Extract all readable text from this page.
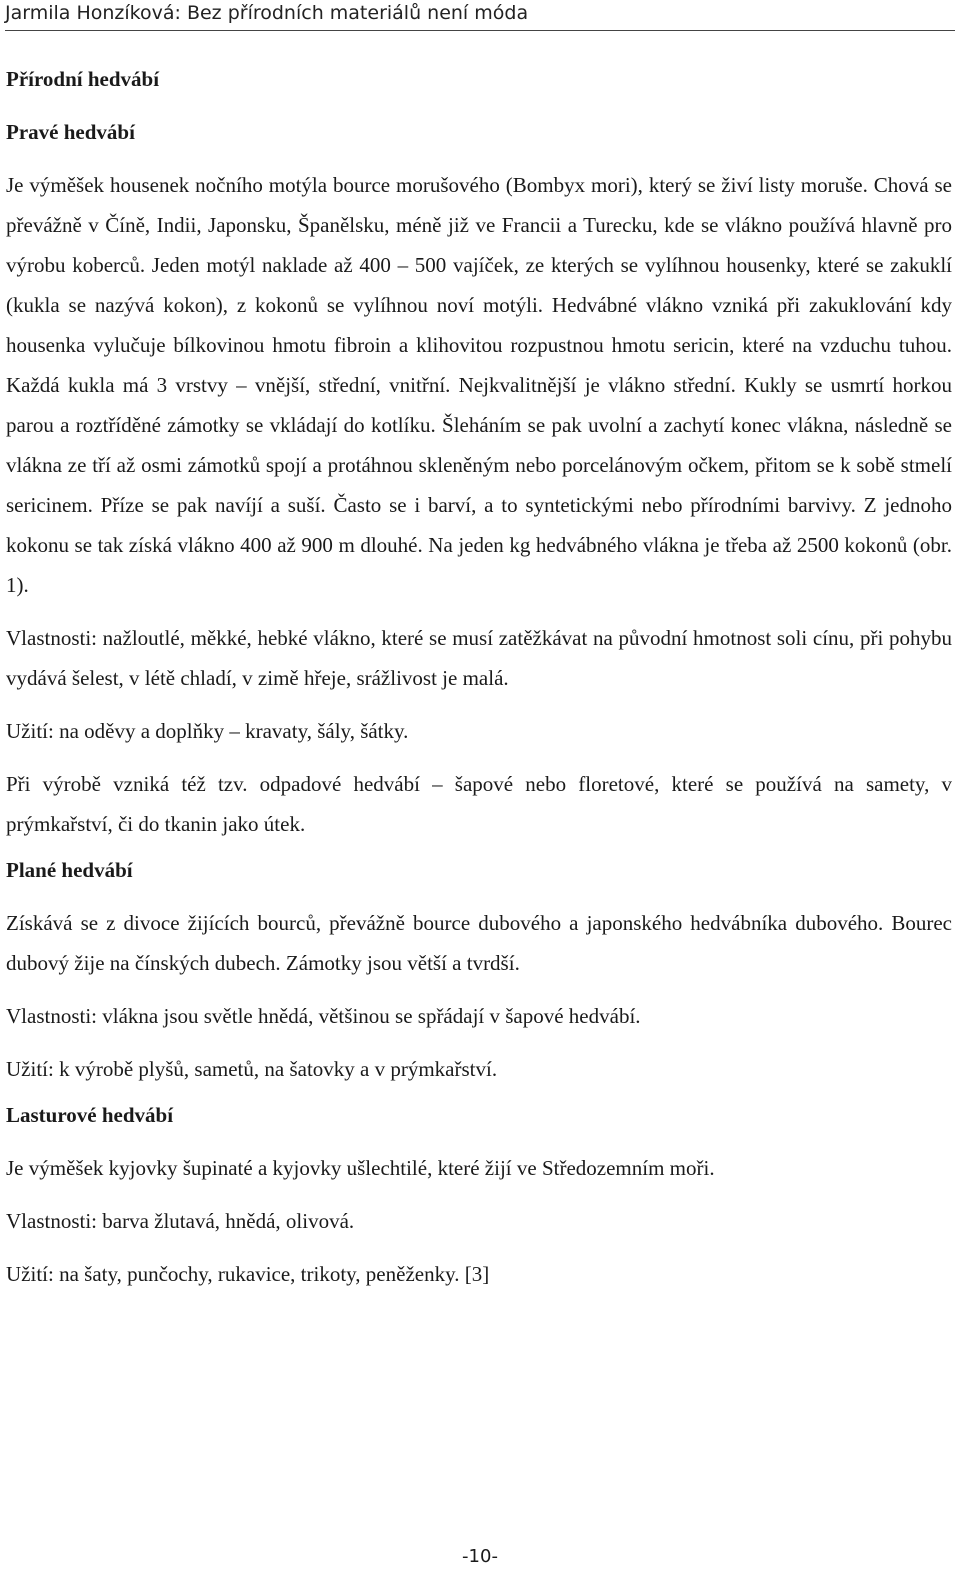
Jarmila Honzíková: Bez přírodních materiálů není móda
Přírodní hedvábí
Pravé hedvábí

Je výměšek housenek nočního motýla bource morušového (Bombyx mori), který se živí listy moruše. Chová se převážně v Číně, Indii, Japonsku, Španělsku, méně již ve Francii a Turecku, kde se vlákno používá hlavně pro výrobu koberců. Jeden motýl naklade až 400 – 500 vajíček, ze kterých se vylíhnou housenky, které se zakuklí (kukla se nazývá kokon), z kokonů se vylíhnou noví motýli. Hedvábné vlákno vzniká při zakuklování kdy housenka vylučuje bílkovinou hmotu fibroin a klihovitou rozpustnou hmotu sericin, které na vzduchu tuhou. Každá kukla má 3 vrstvy – vnější, střední, vnitřní. Nejkvalitnější je vlákno střední. Kukly se usmrtí horkou parou a roztříděné zámotky se vkládají do kotlíku. Šleháním se pak uvolní a zachytí konec vlákna, následně se vlákna ze tří až osmi zámotků spojí a protáhnou skleněným nebo porcelánovým očkem, přitom se k sobě stmelí sericinem. Příze se pak navíjí a suší. Často se i barví, a to syntetickými nebo přírodními barvivy. Z jednoho kokonu se tak získá vlákno 400 až 900 m dlouhé. Na jeden kg hedvábného vlákna je třeba až 2500 kokonů (obr. 1).

Vlastnosti: nažloutlé, měkké, hebké vlákno, které se musí zatěžkávat na původní hmotnost soli cínu, při pohybu vydává šelest, v létě chladí, v zimě hřeje, srážlivost je malá.

Užití: na oděvy a doplňky – kravaty, šály, šátky.

Při výrobě vzniká též tzv. odpadové hedvábí – šapové nebo floretové, které se používá na samety, v prýmkařství, či do tkanin jako útek.

Plané hedvábí

Získává se z divoce žijících bourců, převážně bource dubového a japonského hedvábníka dubového. Bourec dubový žije na čínských dubech. Zámotky jsou větší a tvrdší.

Vlastnosti: vlákna jsou světle hnědá, většinou se spřádají v šapové hedvábí.

Užití: k výrobě plyšů, sametů, na šatovky a v prýmkařství.

Lasturové hedvábí

Je výměšek kyjovky šupinaté a kyjovky ušlechtilé, které žijí ve Středozemním moři.

Vlastnosti: barva žlutavá, hnědá, olivová.

Užití: na šaty, punčochy, rukavice, trikoty, peněženky. [3]

-10-
